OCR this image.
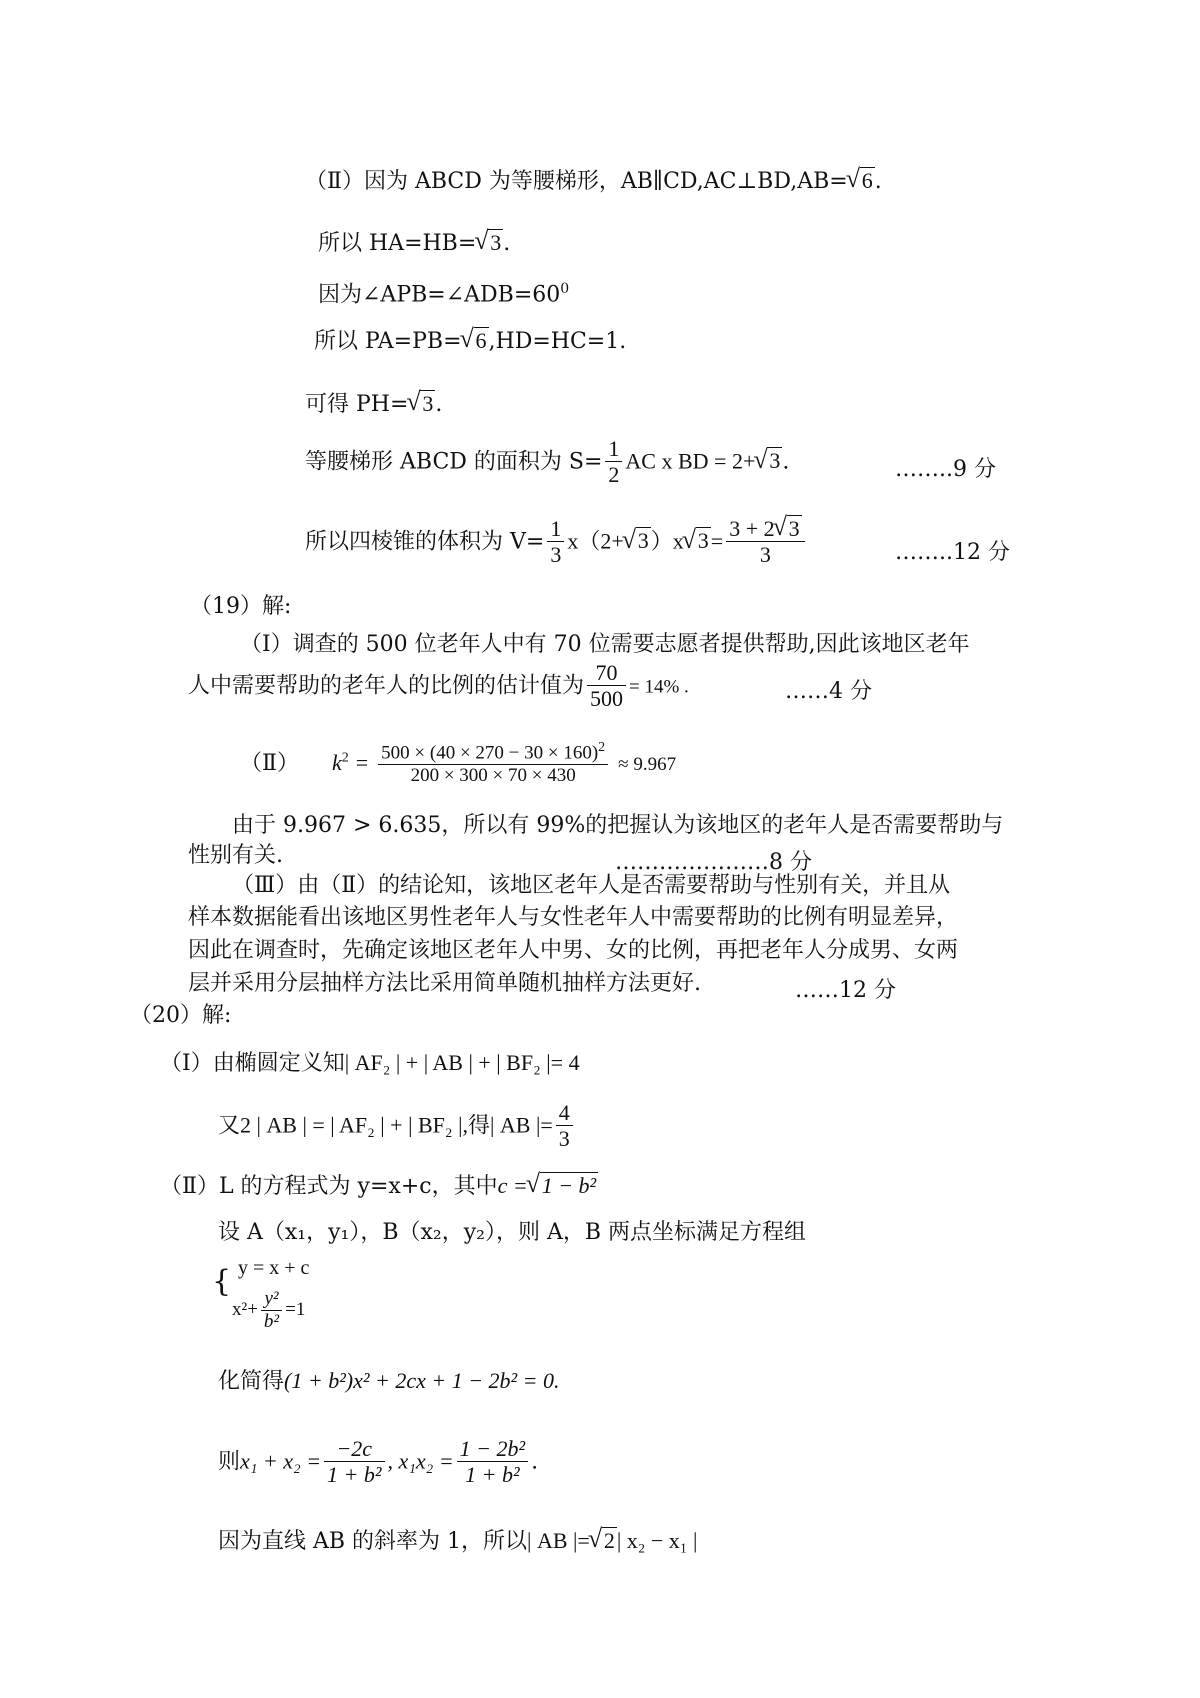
（Ⅱ）因为 ABCD 为等腰梯形，AB∥CD,AC⊥BD,AB=√ 6.
所以 HA=HB=√ 3.
因为$\angle APB=\angle ADB=60^0$
所以 PA=PB=√ 6,HD=HC=1.
可得 PH=√ 3.
等腰梯形 ABCD 的面积为 $S= \frac{1}{2}$ AC x BD = 2+√ 3.	……..9 分
所以四棱锥的体积为 $V= \frac{1}{3} x(2+√$ 3）x√ $3= \frac{3 + 2√ 3}{3}$	……..12 分
（19）解:
（Ⅰ）调查的 500 位老年人中有 70 位需要志愿者提供帮助,因此该地区老年
人中需要帮助的老年人的比例的估计值为 $\frac{70}{500} = 14\%$ .	……4 分
（Ⅱ） $k^2 = \frac{500 \times (40 \times 270 - 30 \times 160)^2}{200 \times 300 \times 70 \times 430} \approx 9.967$
由于 9.967 > 6.635，所以有 99%的把握认为该地区的老年人是否需要帮助与
性别有关.	…………………8 分
（Ⅲ）由（Ⅱ）的结论知，该地区老年人是否需要帮助与性别有关，并且从
样本数据能看出该地区男性老年人与女性老年人中需要帮助的比例有明显差异，
因此在调查时，先确定该地区老年人中男、女的比例，再把老年人分成男、女两
层并采用分层抽样方法比采用简单随机抽样方法更好.	……12 分
（20）解:
（Ⅰ）由椭圆定义知| AF₂ | + | AB | + | BF₂ |= 4
又2 | AB | = | AF₂ | + | BF₂ |,得| AB |= $\frac{4}{3}$
（Ⅱ）L 的方程式为 y=x+c，其中c =√ 1 − b²
设 A（x₁，y₁），B（x₂，y₂），则 A，B 两点坐标满足方程组
{ y = x + c
$x^2+ \frac{\text{y²}}{\text{b²}} =1$
化简得(1 + b²)x² + 2cx + 1 − 2b² = 0.
则$x_1 + x_2 = \frac{-2c}{\text{1 + b²}}$ , $x_1x_2 = \frac{\text{1 − 2b²}}{\text{1 + b²}}$ .
因为直线 AB 的斜率为 1，所以| AB |=√ 2| x₂ − x₁ |
